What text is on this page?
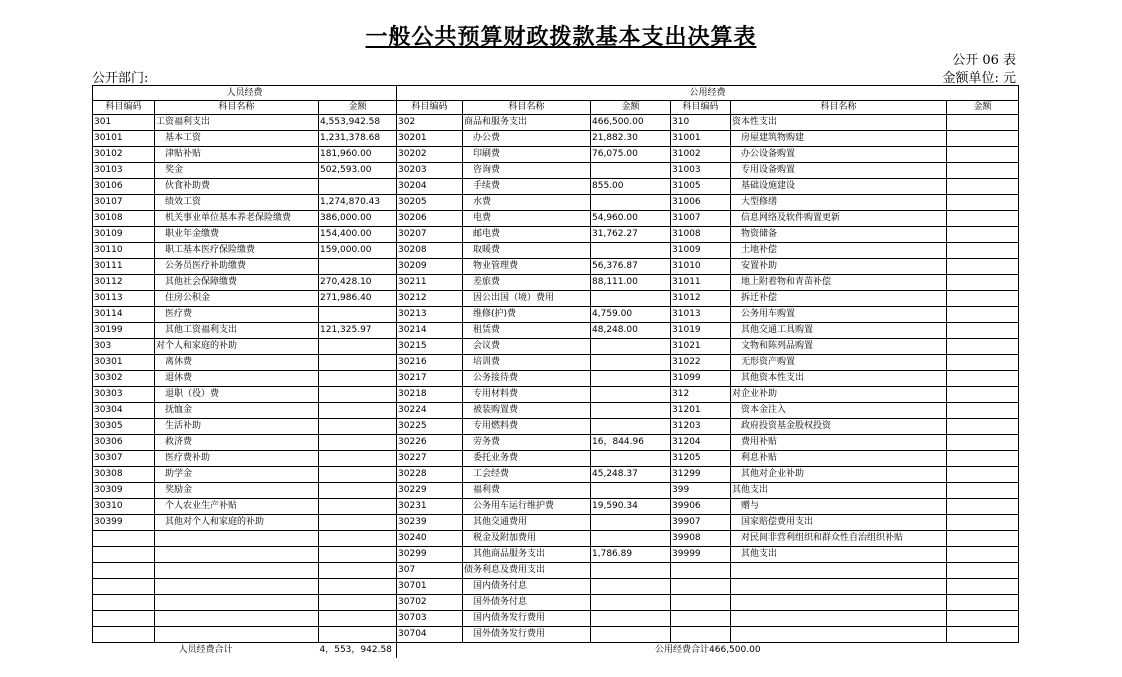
一般公共预算财政拨款基本支出决算表
公开 06 表
公开部门:	金额单位: 元
人员经费			公用经费					
科目编码	科目名称	金额	科目编码	科目名称	金额	科目编码	科目名称	金额
301	工资福利支出	4,553,942.58	302	商品和服务支出	466,500.00	310	资本性支出	
30101	　基本工资	1,231,378.68	30201	　办公费	21,882.30	31001	　房屋建筑物购建	
30102	　津贴补贴	181,960.00	30202	　印刷费	76,075.00	31002	　办公设备购置	
30103	　奖金	502,593.00	30203	　咨询费		31003	　专用设备购置	
30106	　伙食补助费		30204	　手续费	855.00	31005	　基础设施建设	
30107	　绩效工资	1,274,870.43	30205	　水费		31006	　大型修缮	
30108	　机关事业单位基本养老保险缴费	386,000.00	30206	　电费	54,960.00	31007	　信息网络及软件购置更新	
30109	　职业年金缴费	154,400.00	30207	　邮电费	31,762.27	31008	　物资储备	
30110	　职工基本医疗保险缴费	159,000.00	30208	　取暖费		31009	　土地补偿	
30111	　公务员医疗补助缴费		30209	　物业管理费	56,376.87	31010	　安置补助	
30112	　其他社会保障缴费	270,428.10	30211	　差旅费	88,111.00	31011	　地上附着物和青苗补偿	
30113	　住房公积金	271,986.40	30212	　因公出国（境）费用		31012	　拆迁补偿	
30114	　医疗费		30213	　维修(护)费	4,759.00	31013	　公务用车购置	
30199	　其他工资福利支出	121,325.97	30214	　租赁费	48,248.00	31019	　其他交通工具购置	
303	对个人和家庭的补助		30215	　会议费		31021	　文物和陈列品购置	
30301	　离休费		30216	　培训费		31022	　无形资产购置	
30302	　退休费		30217	　公务接待费		31099	　其他资本性支出	
30303	　退职（役）费		30218	　专用材料费		312	对企业补助	
30304	　抚恤金		30224	　被装购置费		31201	　资本金注入	
30305	　生活补助		30225	　专用燃料费		31203	　政府投资基金股权投资	
30306	　救济费		30226	　劳务费	16，844.96	31204	　费用补贴	
30307	　医疗费补助		30227	　委托业务费		31205	　利息补贴	
30308	　助学金		30228	　工会经费	45,248.37	31299	　其他对企业补助	
30309	　奖励金		30229	　福利费		399	其他支出	
30310	　个人农业生产补贴		30231	　公务用车运行维护费	19,590.34	39906	　赠与	
30399	　其他对个人和家庭的补助		30239	　其他交通费用		39907	　国家赔偿费用支出	
			30240	　税金及附加费用		39908	　对民间非营利组织和群众性自治组织补贴	
			30299	　其他商品服务支出	1,786.89	39999	　其他支出	
			307	债务利息及费用支出				
			30701	　国内债务付息				
			30702	　国外债务付息				
			30703	　国内债务发行费用				
			30704	　国外债务发行费用				
人员经费合计		4，553，942.58	公用经费合计466,500.00					
